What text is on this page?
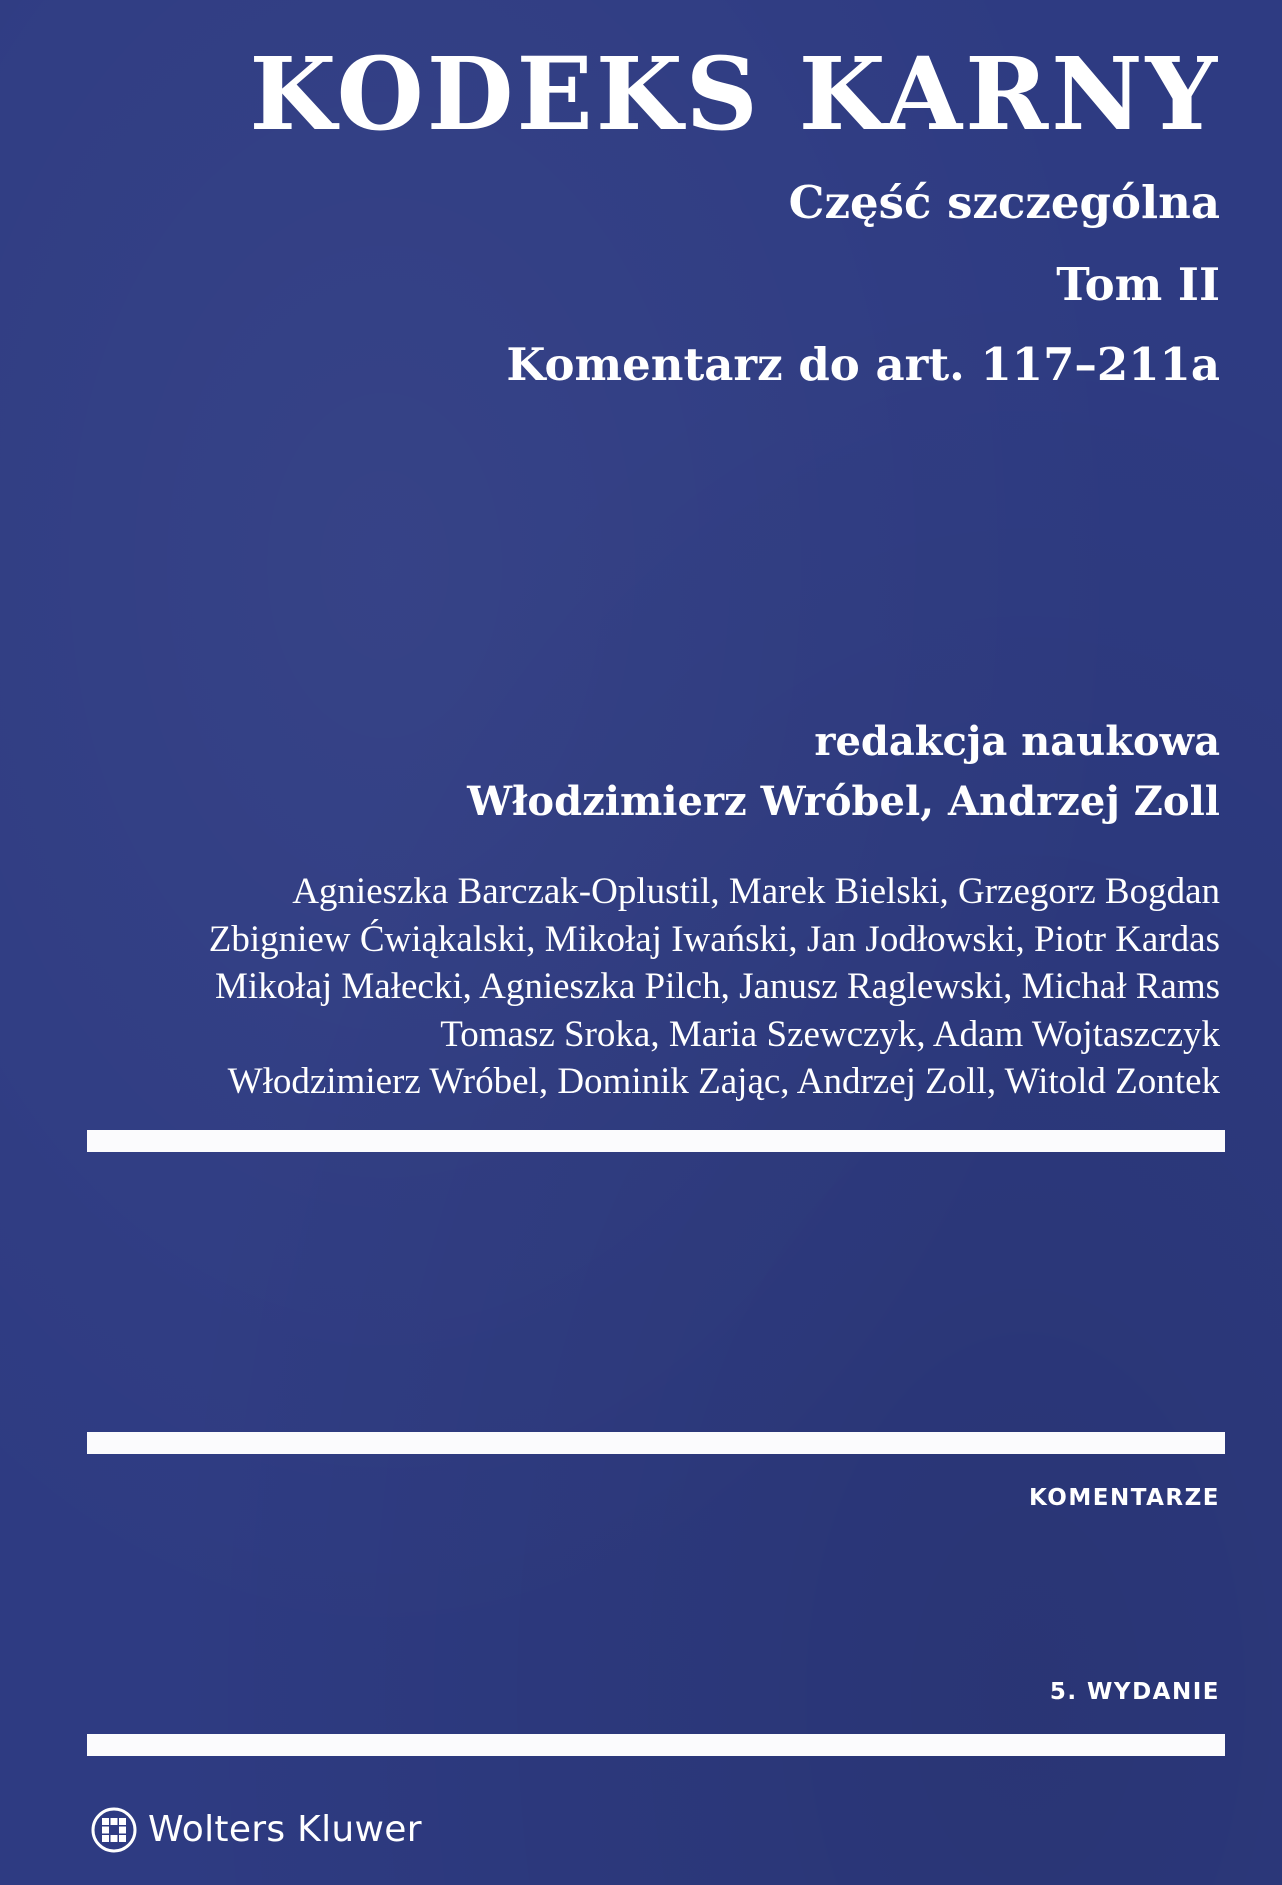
KODEKS KARNY
Część szczególna
Tom II
Komentarz do art. 117–211a
redakcja naukowa
Włodzimierz Wróbel, Andrzej Zoll
Agnieszka Barczak-Oplustil, Marek Bielski, Grzegorz Bogdan
Zbigniew Ćwiąkalski, Mikołaj Iwański, Jan Jodłowski, Piotr Kardas
Mikołaj Małecki, Agnieszka Pilch, Janusz Raglewski, Michał Rams
Tomasz Sroka, Maria Szewczyk, Adam Wojtaszczyk
Włodzimierz Wróbel, Dominik Zając, Andrzej Zoll, Witold Zontek
KOMENTARZE
5. WYDANIE
Wolters Kluwer
